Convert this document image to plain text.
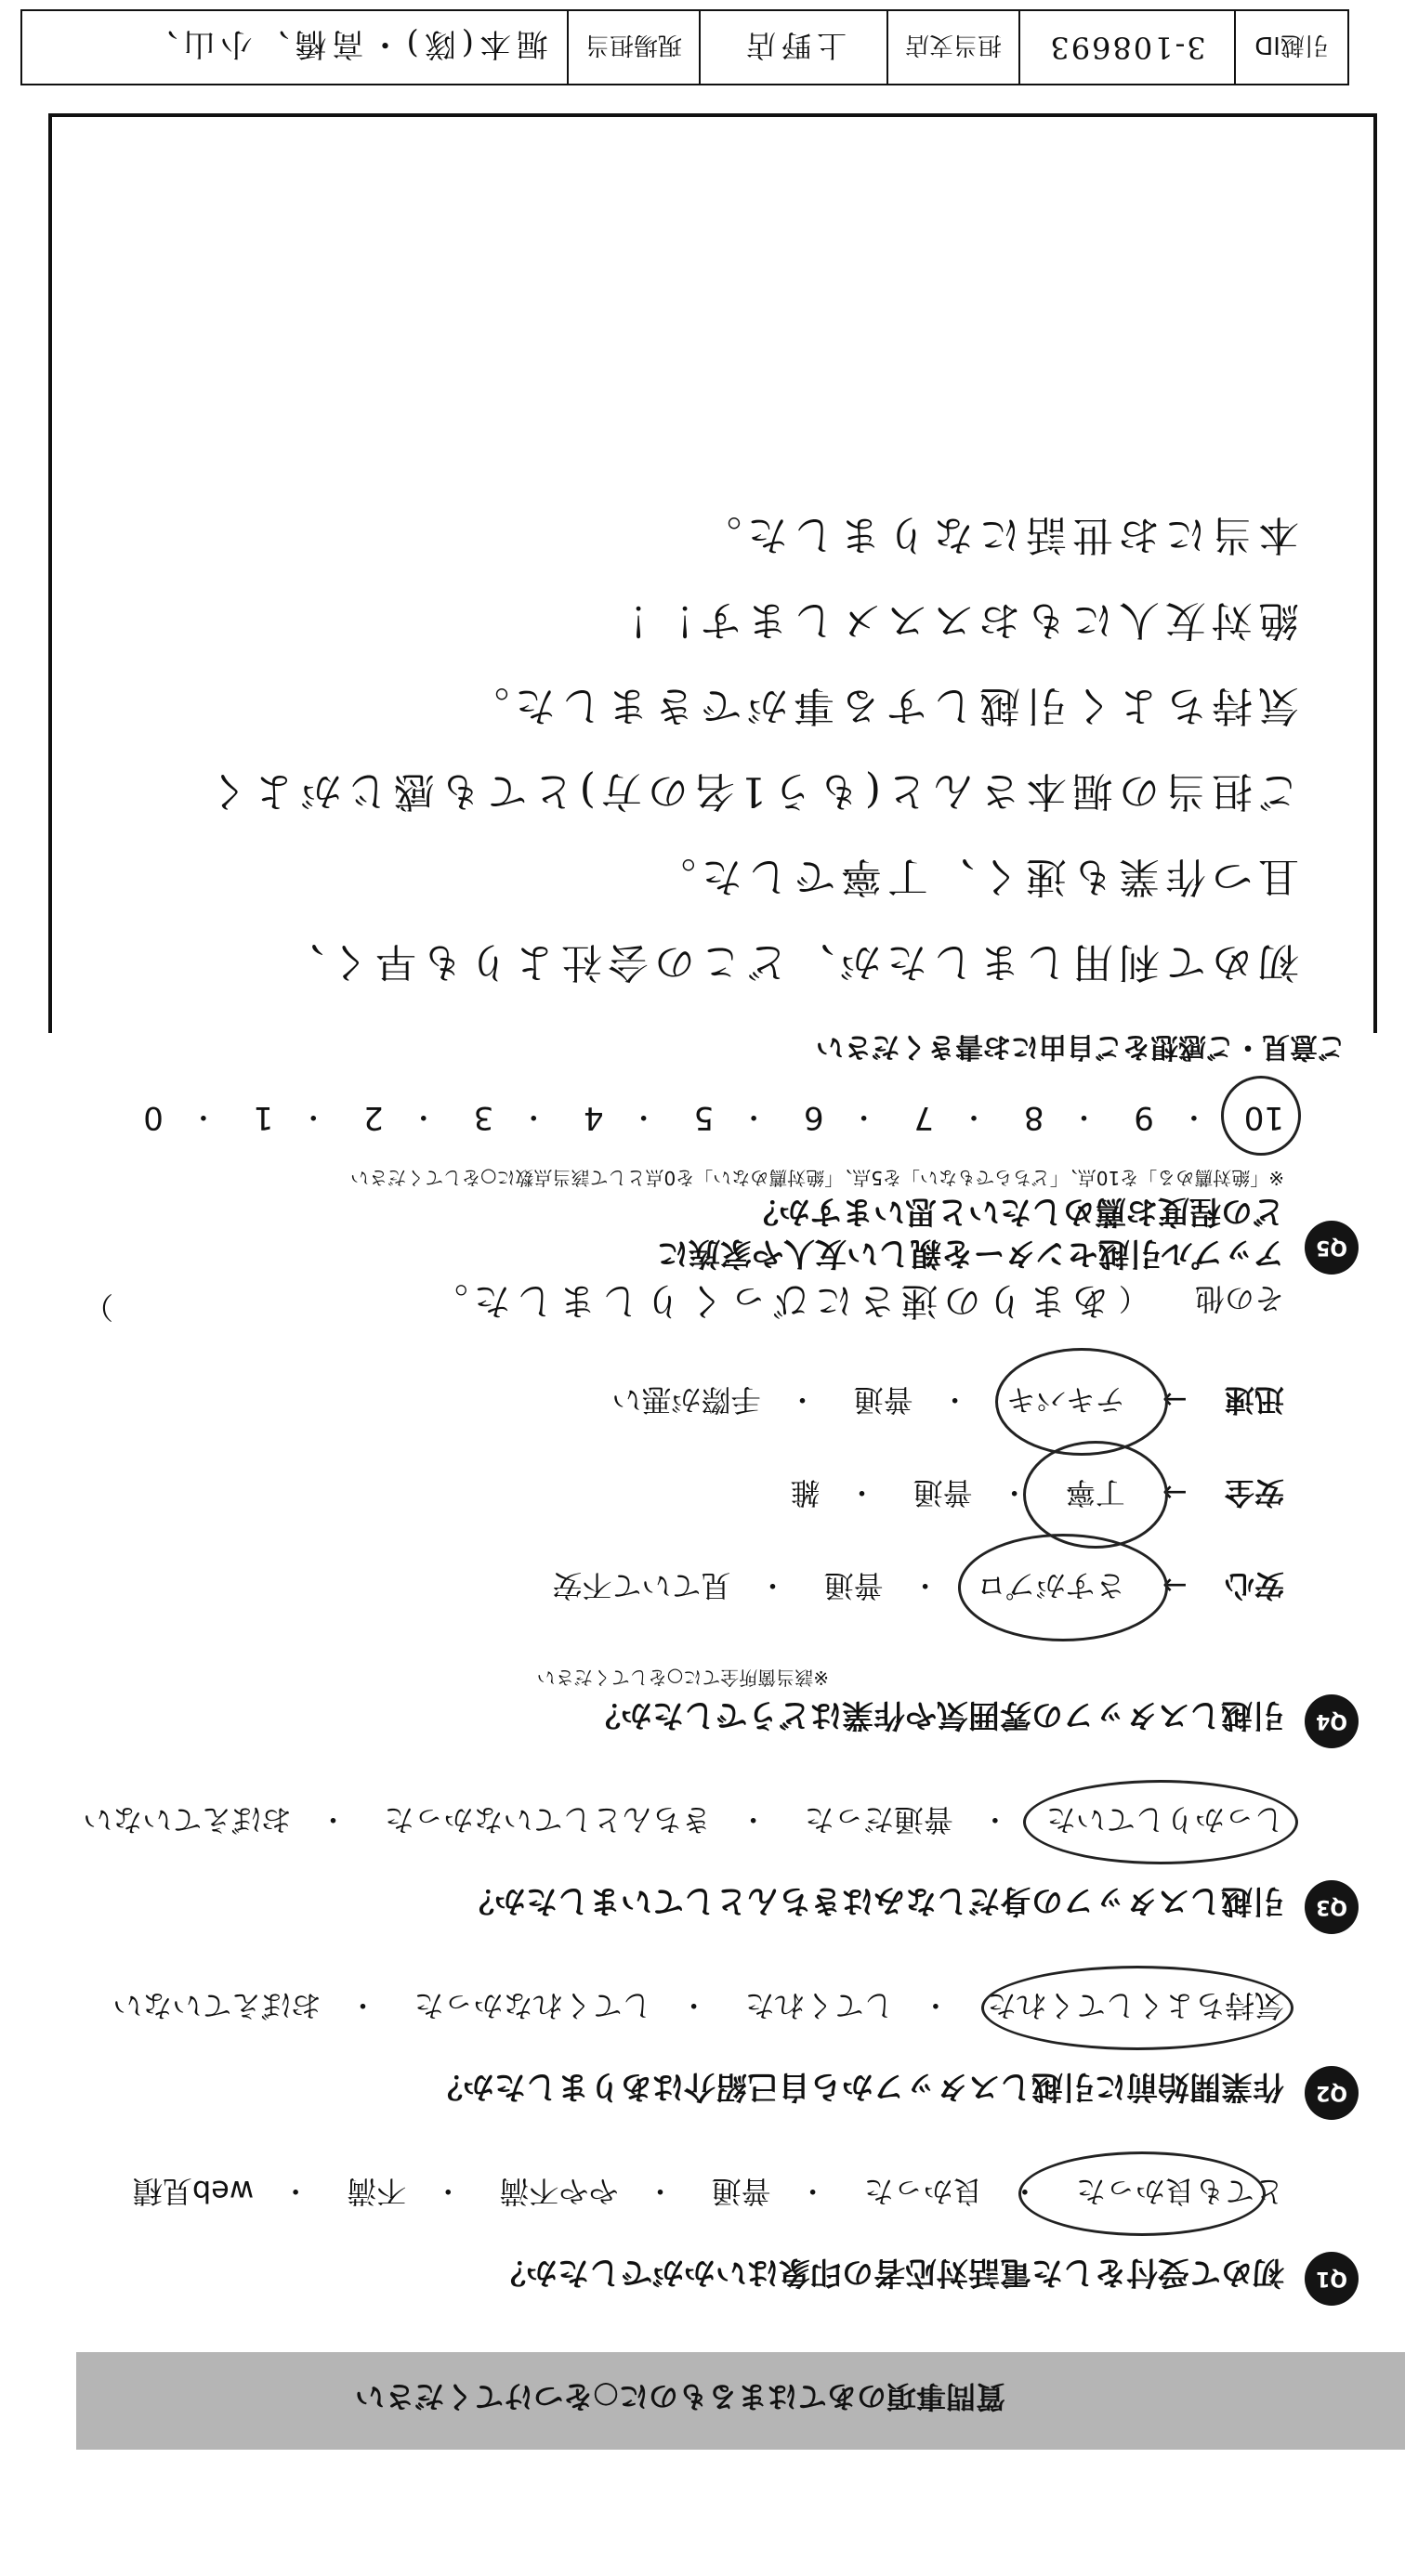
質問事項のあてはまるものに○をつけてください
Q1
初めて受付をした電話対応者の印象はいかがでしたか？
とても良かった 　・　良かった 　・　普通 　・　やや不満 　・　不満 　・　web見積
Q2
作業開始前に引越しスタッフから自己紹介はありましたか？
気持ちよくしてくれた 　・　してくれた 　・　してくれなかった 　・　おぼえていない
Q3
引越しスタッフの身だしなみはきちんとしていましたか？
しっかりしていた 　・　普通だった 　・　きちんとしていなかった 　・　おぼえていない
Q4
引越しスタッフの雰囲気や作業はどうでしたか？
※該当箇所全てに○をしてください
安心 → さすがプロ 　・　普通 　・　見ていて不安
安全 → 丁寧 　・　普通 　・　雑
迅速 → テキパキ 　・　普通 　・　手際が悪い
その他 （ あまりの速さにびっくりしました。
）
Q5
アップル引越センターを親しい友人や家族に
どの程度お薦めしたいと思いますか？
※「絶対薦める」を10点、「どちらでもない」を5点、「絶対薦めない」を0点として該当点数に○をしてください
10 ・9 ・8 ・7 ・6 ・5 ・4 ・3 ・2 ・1 ・0
ご意見・ご感想をご自由にお書きください
初めて利用しましたが、どこの会社よりも早く、
且つ作業も速く、丁寧でした。
ご担当の堀本さんと(もう1名の方)とても感じがよく
気持ちよく引越しする事ができました。
絶対友人にもおススメします！！
本当にお世話になりました。
引越ID
3-108693
担当支店
上野店
現場担当
堀本(隊)・高橋、小山、
